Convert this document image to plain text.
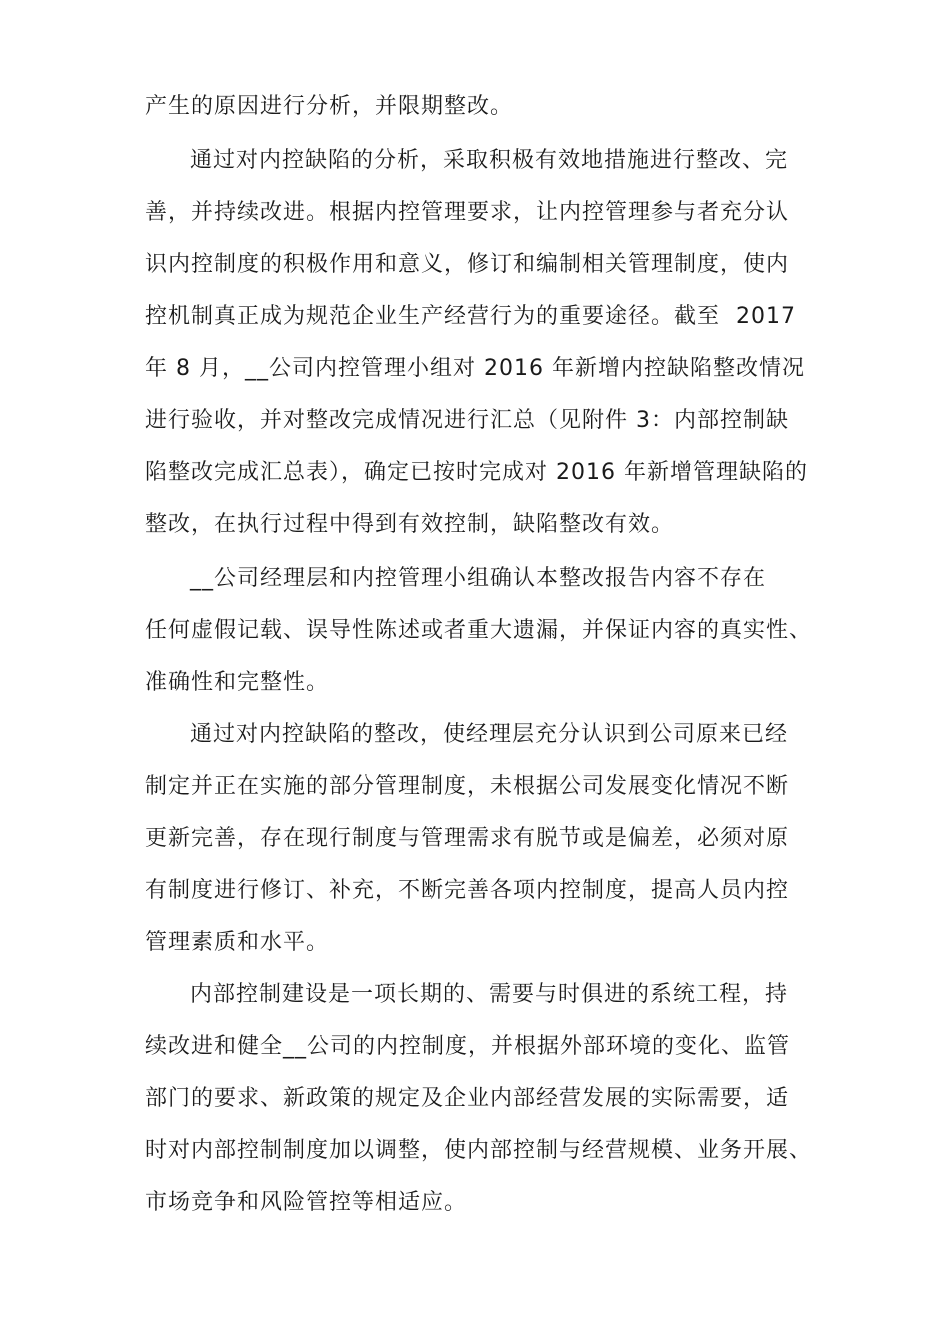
产生的原因进行分析，并限期整改。
通过对内控缺陷的分析，采取积极有效地措施进行整改、完
善，并持续改进。根据内控管理要求，让内控管理参与者充分认
识内控制度的积极作用和意义，修订和编制相关管理制度，使内
控机制真正成为规范企业生产经营行为的重要途径。截至  2017
年 8 月，__公司内控管理小组对 2016 年新增内控缺陷整改情况
进行验收，并对整改完成情况进行汇总（见附件 3：内部控制缺
陷整改完成汇总表），确定已按时完成对 2016 年新增管理缺陷的
整改，在执行过程中得到有效控制，缺陷整改有效。
__公司经理层和内控管理小组确认本整改报告内容不存在
任何虚假记载、误导性陈述或者重大遗漏，并保证内容的真实性、
准确性和完整性。
通过对内控缺陷的整改，使经理层充分认识到公司原来已经
制定并正在实施的部分管理制度，未根据公司发展变化情况不断
更新完善，存在现行制度与管理需求有脱节或是偏差，必须对原
有制度进行修订、补充，不断完善各项内控制度，提高人员内控
管理素质和水平。
内部控制建设是一项长期的、需要与时俱进的系统工程，持
续改进和健全__公司的内控制度，并根据外部环境的变化、监管
部门的要求、新政策的规定及企业内部经营发展的实际需要，适
时对内部控制制度加以调整，使内部控制与经营规模、业务开展、
市场竞争和风险管控等相适应。
